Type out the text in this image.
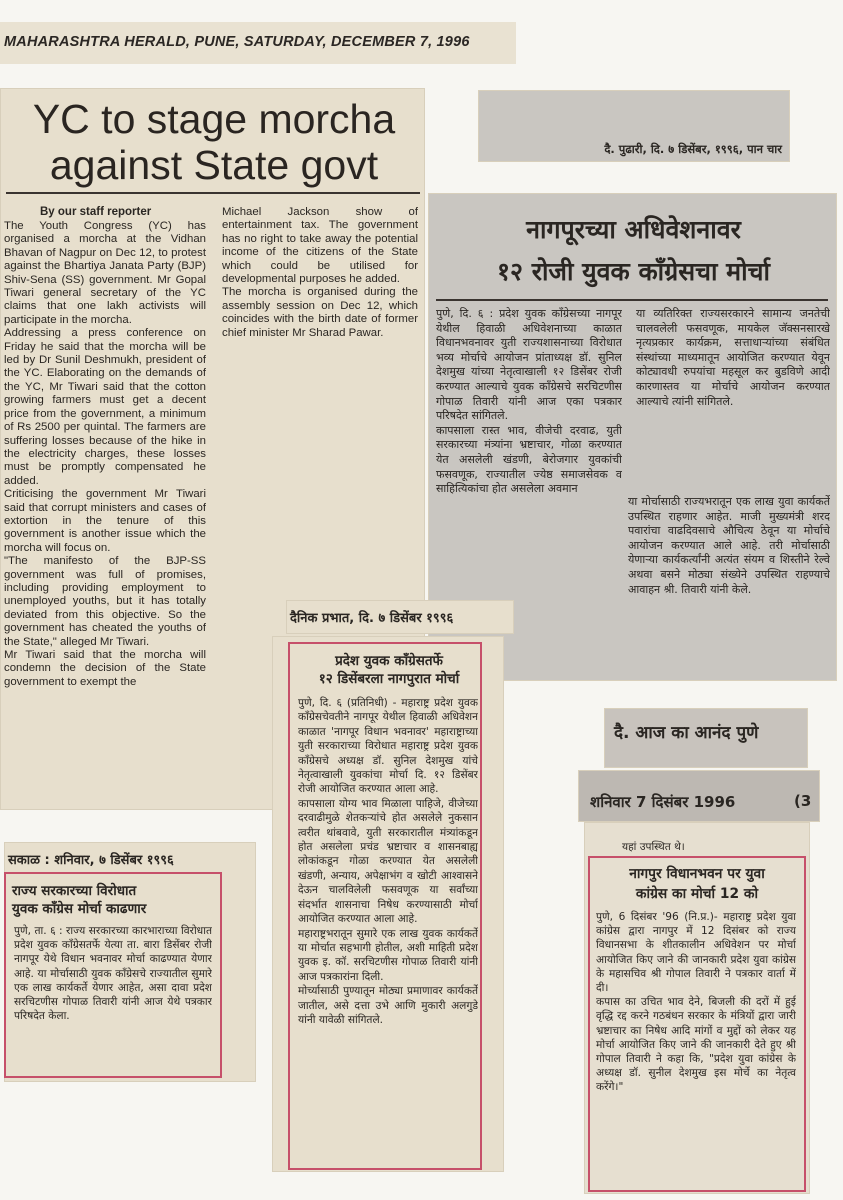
MAHARASHTRA HERALD, PUNE, SATURDAY, DECEMBER 7, 1996
YC to stage morcha
against State govt
By our staff reporter
The Youth Congress (YC) has organised a morcha at the Vidhan Bhavan of Nagpur on Dec 12, to protest against the Bhartiya Janata Party (BJP) Shiv-Sena (SS) government. Mr Gopal Tiwari general secretary of the YC claims that one lakh activists will participate in the morcha.
Addressing a press conference on Friday he said that the morcha will be led by Dr Sunil Deshmukh, president of the YC. Elaborating on the demands of the YC, Mr Tiwari said that the cotton growing farmers must get a decent price from the government, a minimum of Rs 2500 per quintal. The farmers are suffering losses because of the hike in the electricity charges, these losses must be promptly compensated he added.
Criticising the government Mr Tiwari said that corrupt ministers and cases of extortion in the tenure of this government is another issue which the morcha will focus on.
"The manifesto of the BJP-SS government was full of promises, including providing employment to unemployed youths, but it has totally deviated from this objective. So the government has cheated the youths of the State," alleged Mr Tiwari.
Mr Tiwari said that the morcha will condemn the decision of the State government to exempt the
Michael Jackson show of entertainment tax. The government has no right to take away the potential income of the citizens of the State which could be utilised for developmental purposes he added.
The morcha is organised during the assembly session on Dec 12, which coincides with the birth date of former chief minister Mr Sharad Pawar.
दै. पुढारी, दि. ७ डिसेंबर, १९९६, पान चार
नागपूरच्या अधिवेशनावर
१२ रोजी युवक काँग्रेसचा मोर्चा
पुणे, दि. ६ : प्रदेश युवक काँग्रेसच्या नागपूर येथील हिवाळी अधिवेशनाच्या काळात विधानभवनावर युती राज्यशासनाच्या विरोधात भव्य मोर्चाचे आयोजन प्रांताध्यक्ष डॉ. सुनिल देशमुख यांच्या नेतृत्वाखाली १२ डिसेंबर रोजी करण्यात आल्याचे युवक काँग्रेसचे सरचिटणीस गोपाळ तिवारी यांनी आज एका पत्रकार परिषदेत सांगितले.
कापसाला रास्त भाव, वीजेची दरवाढ, युती सरकारच्या मंत्र्यांना भ्रष्टाचार, गोळा करण्यात येत असलेली खंडणी, बेरोजगार युवकांची फसवणूक, राज्यातील ज्येष्ठ समाजसेवक व साहित्यिकांचा होत असलेला अवमान
या व्यतिरिक्त राज्यसरकारने सामान्य जनतेची चालवलेली फसवणूक, मायकेल जॅक्सनसारखे नृत्यप्रकार कार्यक्रम, सत्ताधाऱ्यांच्या संबंधित संस्थांच्या माध्यमातून आयोजित करण्यात येवून कोट्यावधी रुपयांचा महसूल कर बुडविणे आदी कारणास्तव या मोर्चाचे आयोजन करण्यात आल्याचे त्यांनी सांगितले.
या मोर्चासाठी राज्यभरातून एक लाख युवा कार्यकर्ते उपस्थित राहणार आहेत. माजी मुख्यमंत्री शरद पवारांचा वाढदिवसाचे औचित्य ठेवून या मोर्चाचे आयोजन करण्यात आले आहे. तरी मोर्चासाठी येणाऱ्या कार्यकर्त्यांनी अत्यंत संयम व शिस्तीने रेल्वे अथवा बसने मोठ्या संख्येने उपस्थित राहण्याचे आवाहन श्री. तिवारी यांनी केले.
दैनिक प्रभात, दि. ७ डिसेंबर १९९६
प्रदेश युवक काँग्रेसतर्फे
१२ डिसेंबरला नागपुरात मोर्चा
पुणे, दि. ६ (प्रतिनिधी) - महाराष्ट्र प्रदेश युवक काँग्रेसचेवतीने नागपूर येथील हिवाळी अधिवेशन काळात 'नागपूर विधान भवनावर' महाराष्ट्राच्या युती सरकाराच्या विरोधात महाराष्ट्र प्रदेश युवक काँग्रेसचे अध्यक्ष डॉ. सुनिल देशमुख यांचे नेतृत्वाखाली युवकांचा मोर्चा दि. १२ डिसेंबर रोजी आयोजित करण्यात आला आहे.
कापसाला योग्य भाव मिळाला पाहिजे, वीजेच्या दरवाढीमुळे शेतकऱ्यांचे होत असलेले नुकसान त्वरीत थांबवावे, युती सरकारातील मंत्र्यांकडून होत असलेला प्रचंड भ्रष्टाचार व शासनबाह्य लोकांकडून गोळा करण्यात येत असलेली खंडणी, अन्याय, अपेक्षाभंग व खोटी आश्वासने देऊन चालविलेली फसवणूक या सर्वांच्या संदर्भात शासनाचा निषेध करण्यासाठी मोर्चा आयोजित करण्यात आला आहे.
महाराष्ट्रभरातून सुमारे एक लाख युवक कार्यकर्ते या मोर्चात सहभागी होतील, अशी माहिती प्रदेश युवक इ. कॉ. सरचिटणीस गोपाळ तिवारी यांनी आज पत्रकारांना दिली.
मोर्च्यासाठी पुण्यातून मोठ्या प्रमाणावर कार्यकर्ते जातील, असे दत्ता उभे आणि मुकारी अलगुडे यांनी यावेळी सांगितले.
सकाळ : शनिवार, ७ डिसेंबर १९९६
राज्य सरकारच्या विरोधात
युवक काँग्रेस मोर्चा काढणार
पुणे, ता. ६ : राज्य सरकारच्या कारभाराच्या विरोधात प्रदेश युवक काँग्रेसतर्फे येत्या ता. बारा डिसेंबर रोजी नागपूर येथे विधान भवनावर मोर्चा काढण्यात येणार आहे. या मोर्चासाठी युवक काँग्रेसचे राज्यातील सुमारे एक लाख कार्यकर्ते येणार आहेत, असा दावा प्रदेश सरचिटणीस गोपाळ तिवारी यांनी आज येथे पत्रकार परिषदेत केला.
दै. आज का आनंद पुणे
शनिवार 7 दिसंबर 1996	(3
यहां उपस्थित थे।
नागपुर विधानभवन पर युवा
कांग्रेस का मोर्चा 12 को
पुणे, 6 दिसंबर '96 (नि.प्र.)- महाराष्ट्र प्रदेश युवा कांग्रेस द्वारा नागपुर में 12 दिसंबर को राज्य विधानसभा के शीतकालीन अधिवेशन पर मोर्चा आयोजित किए जाने की जानकारी प्रदेश युवा कांग्रेस के महासचिव श्री गोपाल तिवारी ने पत्रकार वार्ता में दी।
कपास का उचित भाव देने, बिजली की दरों में हुई वृद्धि रद्द करने गठबंधन सरकार के मंत्रियों द्वारा जारी भ्रष्टाचार का निषेध आदि मांगों व मुद्दों को लेकर यह मोर्चा आयोजित किए जाने की जानकारी देते हुए श्री गोपाल तिवारी ने कहा कि, "प्रदेश युवा कांग्रेस के अध्यक्ष डॉ. सुनील देशमुख इस मोर्चे का नेतृत्व करेंगे।"
